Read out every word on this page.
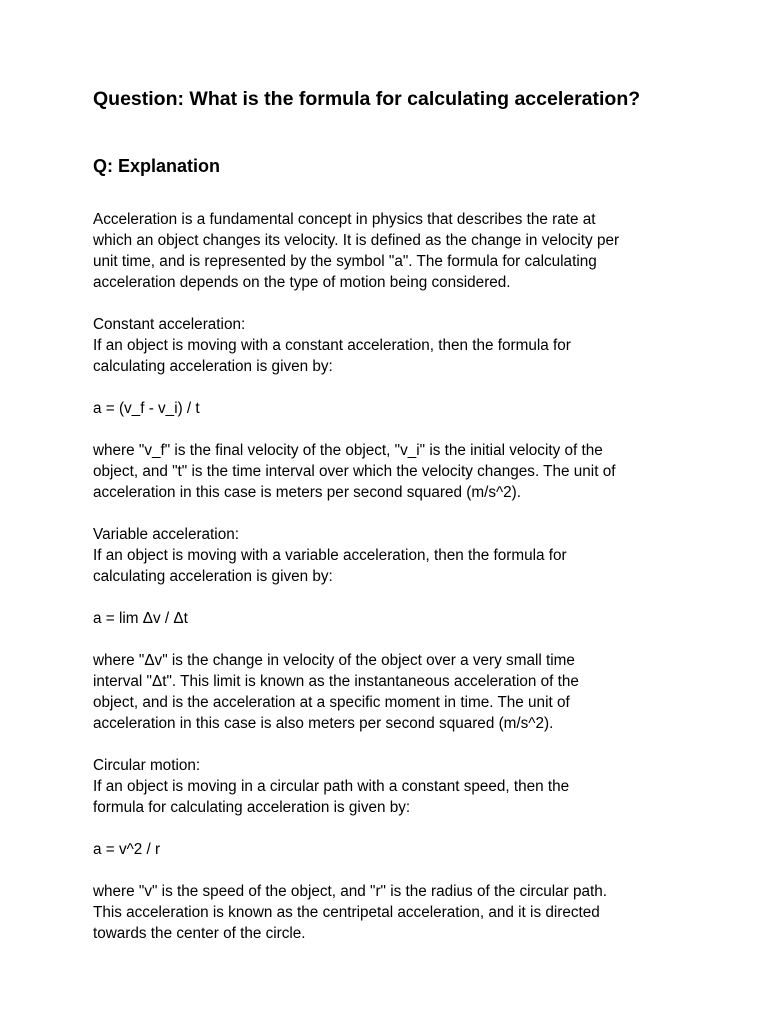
Question: What is the formula for calculating acceleration?
Q: Explanation

Acceleration is a fundamental concept in physics that describes the rate at
which an object changes its velocity. It is defined as the change in velocity per
unit time, and is represented by the symbol "a". The formula for calculating
acceleration depends on the type of motion being considered.

Constant acceleration:
If an object is moving with a constant acceleration, then the formula for
calculating acceleration is given by:

a = (v_f - v_i) / t

where "v_f" is the final velocity of the object, "v_i" is the initial velocity of the
object, and "t" is the time interval over which the velocity changes. The unit of
acceleration in this case is meters per second squared (m/s^2).

Variable acceleration:
If an object is moving with a variable acceleration, then the formula for
calculating acceleration is given by:

a = lim Δv / Δt

where "Δv" is the change in velocity of the object over a very small time
interval "Δt". This limit is known as the instantaneous acceleration of the
object, and is the acceleration at a specific moment in time. The unit of
acceleration in this case is also meters per second squared (m/s^2).

Circular motion:
If an object is moving in a circular path with a constant speed, then the
formula for calculating acceleration is given by:

a = v^2 / r

where "v" is the speed of the object, and "r" is the radius of the circular path.
This acceleration is known as the centripetal acceleration, and it is directed
towards the center of the circle.
